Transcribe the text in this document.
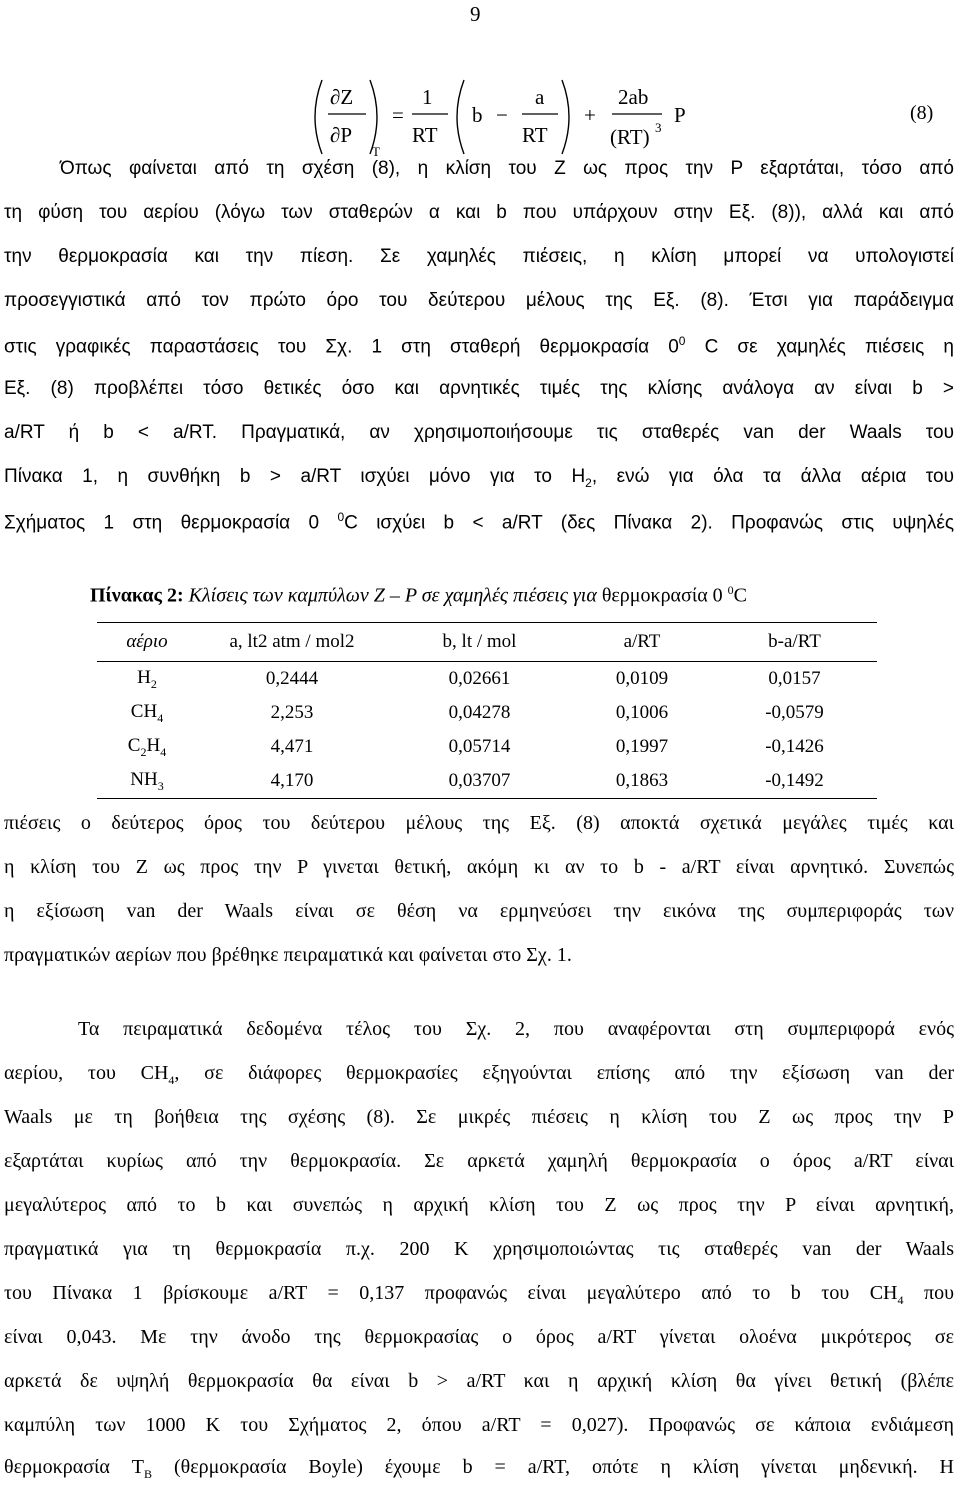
9
∂Z
∂P
T
=
1
RT
b −
a
RT
+
2ab
(RT) 3
P	(8)

Όπως φαίνεται από τη σχέση (8), η κλίση του Ζ ως προς την P εξαρτάται, τόσο από

τη φύση του αερίου (λόγω των σταθερών α και b που υπάρχουν στην Εξ. (8)), αλλά και από

την θερμοκρασία και την πίεση. Σε χαμηλές πιέσεις, η κλίση μπορεί να υπολογιστεί

προσεγγιστικά από τον πρώτο όρο του δεύτερου μέλους της Εξ. (8). Έτσι για παράδειγμα

στις γραφικές παραστάσεις του Σχ. 1 στη σταθερή θερμοκρασία $0^0$ C σε χαμηλές πιέσεις η

Εξ. (8) προβλέπει τόσο θετικές όσο και αρνητικές τιμές της κλίσης ανάλογα αν είναι b >

a/RT ή b < a/RT. Πραγματικά, αν χρησιμοποιήσουμε τις σταθερές van der Waals του

Πίνακα 1, η συνθήκη b > a/RT ισχύει μόνο για το $H_2$, ενώ για όλα τα άλλα αέρια του

Σχήματος 1 στη θερμοκρασία 0 $^0$C ισχύει b < a/RT (δες Πίνακα 2). Προφανώς στις υψηλές

Πίνακας 2: Κλίσεις των καμπύλων Z – P σε χαμηλές πιέσεις για θερμοκρασία 0 $^0$C
αέριο	a, lt2 atm / mol2	b, lt / mol	a/RT	b-a/RT
$H_2$	0,2444	0,02661	0,0109	0,0157
$CH_4$	2,253	0,04278	0,1006	-0,0579
$C_2H_4$	4,471	0,05714	0,1997	-0,1426
$NH_3$	4,170	0,03707	0,1863	-0,1492

πιέσεις ο δεύτερος όρος του δεύτερου μέλους της Εξ. (8) αποκτά σχετικά μεγάλες τιμές και

η κλίση του Z ως προς την P γινεται θετική, ακόμη κι αν το b - a/RT είναι αρνητικό. Συνεπώς

η εξίσωση van der Waals είναι σε θέση να ερμηνεύσει την εικόνα της συμπεριφοράς των

πραγματικών αερίων που βρέθηκε πειραματικά και φαίνεται στο Σχ. 1.

Τα πειραματικά δεδομένα τέλος του Σχ. 2, που αναφέρονται στη συμπεριφορά ενός

αερίου, του $CH_4$, σε διάφορες θερμοκρασίες εξηγούνται επίσης από την εξίσωση van der

Waals με τη βοήθεια της σχέσης (8). Σε μικρές πιέσεις η κλίση του Z ως προς την P

εξαρτάται κυρίως από την θερμοκρασία. Σε αρκετά χαμηλή θερμοκρασία ο όρος a/RT είναι

μεγαλύτερος από το b και συνεπώς η αρχική κλίση του Z ως προς την P είναι αρνητική,

πραγματικά για τη θερμοκρασία π.χ. 200 K χρησιμοποιώντας τις σταθερές van der Waals

του Πίνακα 1 βρίσκουμε a/RT = 0,137 προφανώς είναι μεγαλύτερο από το b του $CH_4$ που

είναι 0,043. Με την άνοδο της θερμοκρασίας ο όρος a/RT γίνεται ολοένα μικρότερος σε

αρκετά δε υψηλή θερμοκρασία θα είναι b > a/RT και η αρχική κλίση θα γίνει θετική (βλέπε

καμπύλη των 1000 K του Σχήματος 2, όπου a/RT = 0,027). Προφανώς σε κάποια ενδιάμεση

θερμοκρασία $T_B$ (θερμοκρασία Boyle) έχουμε b = a/RT, οπότε η κλίση γίνεται μηδενική. Η
